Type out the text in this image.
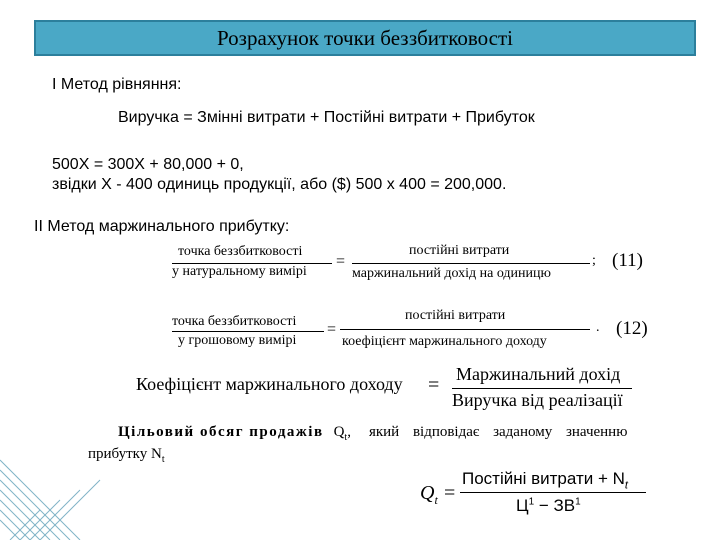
Розрахунок точки беззбитковості
І Метод рівняння:
Виручка = Змінні витрати + Постійні витрати + Прибуток
500Х = 300Х + 80,000 + 0,
звідки Х - 400 одиниць продукції, або ($) 500 х 400 = 200,000.
ІІ Метод маржинального прибутку:
точка беззбитковості
у натуральному вимірі
=
постійні витрати
маржинальний дохід на одиницю
; (11)
точка беззбитковості
у грошовому вимірі
=
постійні витрати
коефіцієнт маржинального доходу
. (12)
Коефіцієнт маржинального доходу = Маржинальний дохід
Виручка від реалізації
Цільовий обсяг продажів $Q_t$, який відповідає заданому значенню
прибутку $N_t$
$Q_t$ =
Постійні витрати + $N_t$
$Ц^1 - ЗВ^1$
